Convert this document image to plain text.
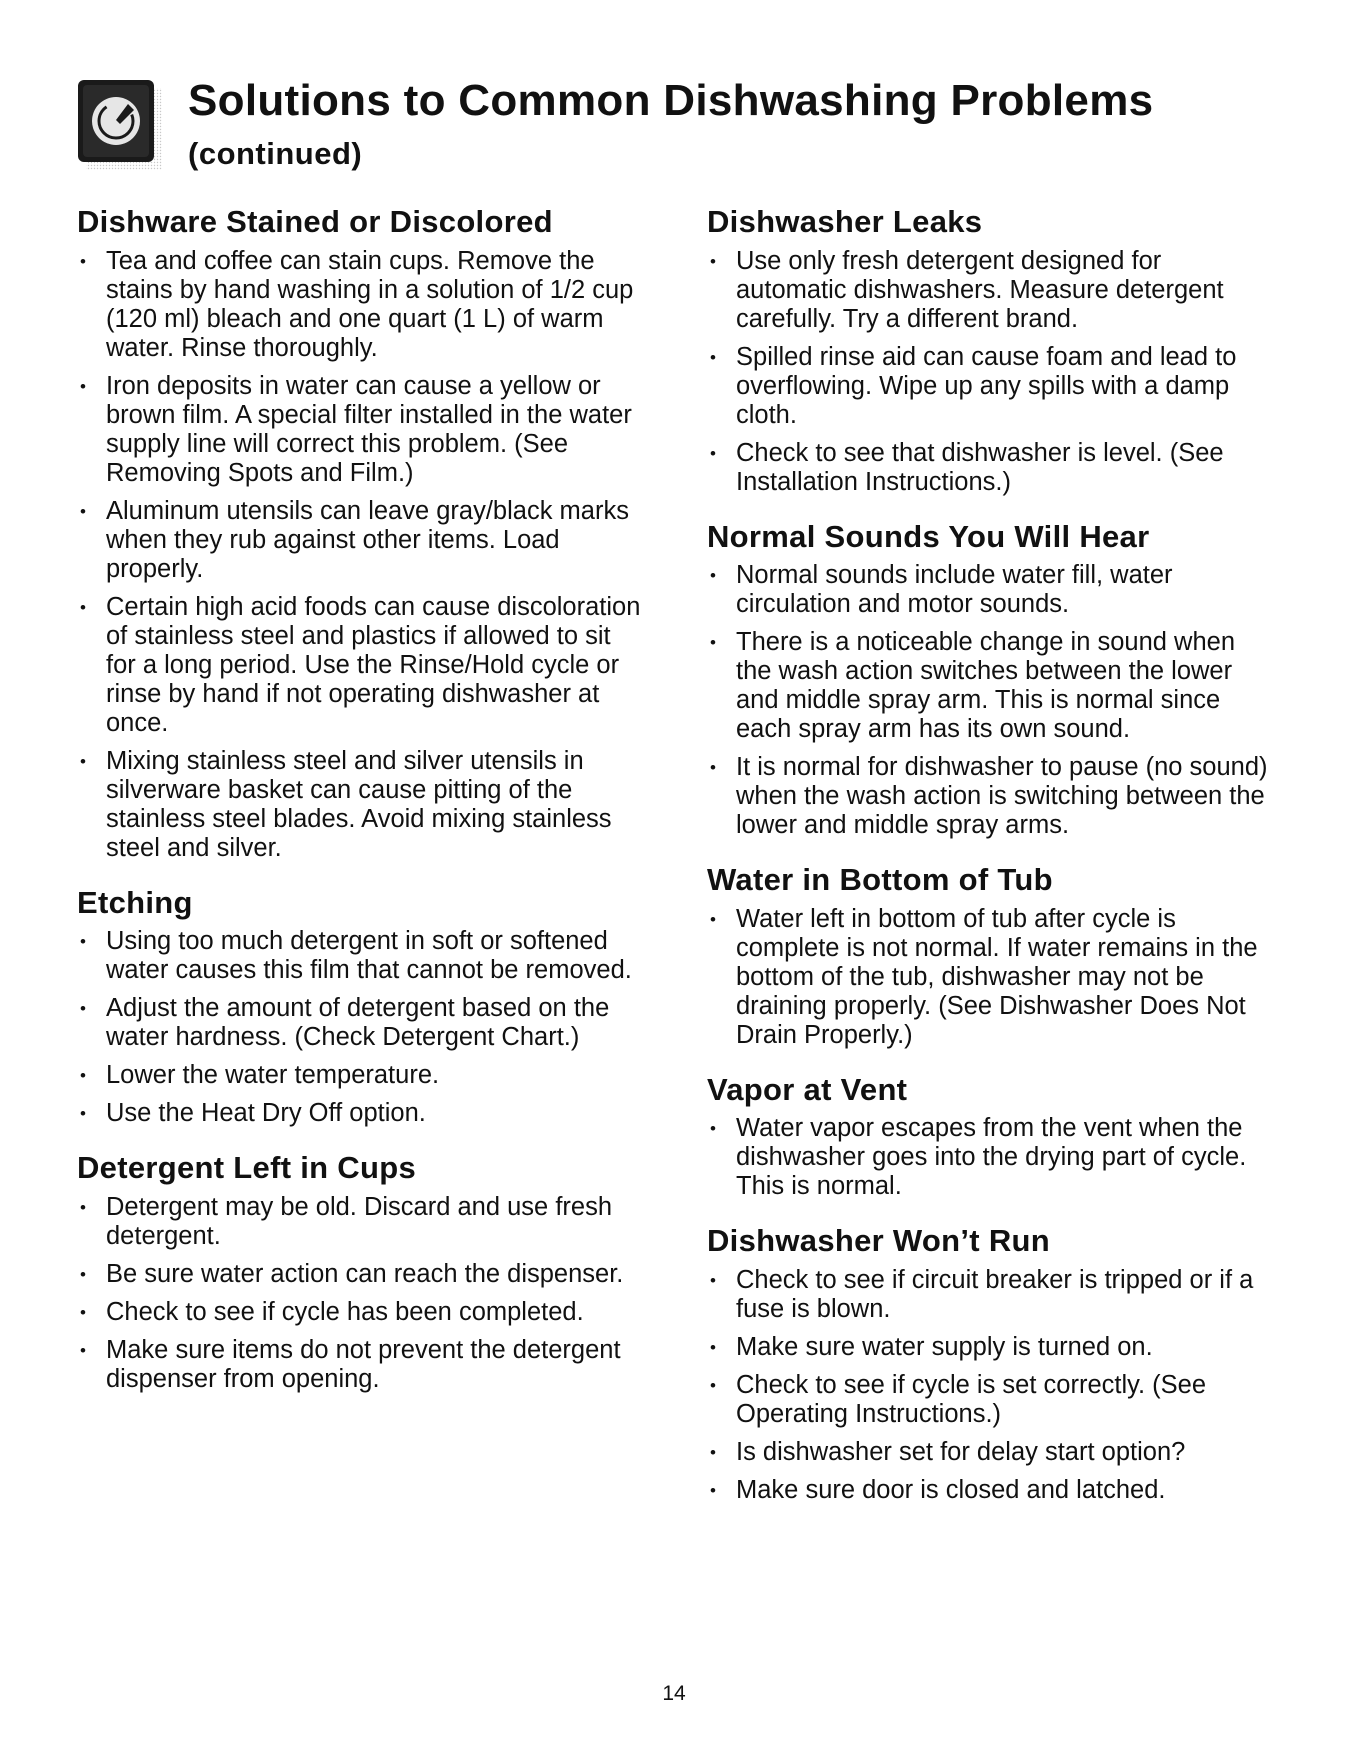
Solutions to Common Dishwashing Problems
(continued)
Dishware Stained or Discolored
• Tea and coffee can stain cups. Remove the stains by hand washing in a solution of 1/2 cup (120 ml) bleach and one quart (1 L) of warm water. Rinse thoroughly.
• Iron deposits in water can cause a yellow or brown film. A special filter installed in the water supply line will correct this problem. (See Removing Spots and Film.)
• Aluminum utensils can leave gray/black marks when they rub against other items. Load properly.
• Certain high acid foods can cause discoloration of stainless steel and plastics if allowed to sit for a long period. Use the Rinse/Hold cycle or rinse by hand if not operating dishwasher at once.
• Mixing stainless steel and silver utensils in silverware basket can cause pitting of the stainless steel blades. Avoid mixing stainless steel and silver.
Etching
• Using too much detergent in soft or softened water causes this film that cannot be removed.
• Adjust the amount of detergent based on the water hardness. (Check Detergent Chart.)
• Lower the water temperature.
• Use the Heat Dry Off option.
Detergent Left in Cups
• Detergent may be old. Discard and use fresh detergent.
• Be sure water action can reach the dispenser.
• Check to see if cycle has been completed.
• Make sure items do not prevent the detergent dispenser from opening.
Dishwasher Leaks
• Use only fresh detergent designed for automatic dishwashers. Measure detergent carefully. Try a different brand.
• Spilled rinse aid can cause foam and lead to overflowing. Wipe up any spills with a damp cloth.
• Check to see that dishwasher is level. (See Installation Instructions.)
Normal Sounds You Will Hear
• Normal sounds include water fill, water circulation and motor sounds.
• There is a noticeable change in sound when the wash action switches between the lower and middle spray arm. This is normal since each spray arm has its own sound.
• It is normal for dishwasher to pause (no sound) when the wash action is switching between the lower and middle spray arms.
Water in Bottom of Tub
• Water left in bottom of tub after cycle is complete is not normal. If water remains in the bottom of the tub, dishwasher may not be draining properly. (See Dishwasher Does Not Drain Properly.)
Vapor at Vent
• Water vapor escapes from the vent when the dishwasher goes into the drying part of cycle. This is normal.
Dishwasher Won’t Run
• Check to see if circuit breaker is tripped or if a fuse is blown.
• Make sure water supply is turned on.
• Check to see if cycle is set correctly. (See Operating Instructions.)
• Is dishwasher set for delay start option?
• Make sure door is closed and latched.
14
